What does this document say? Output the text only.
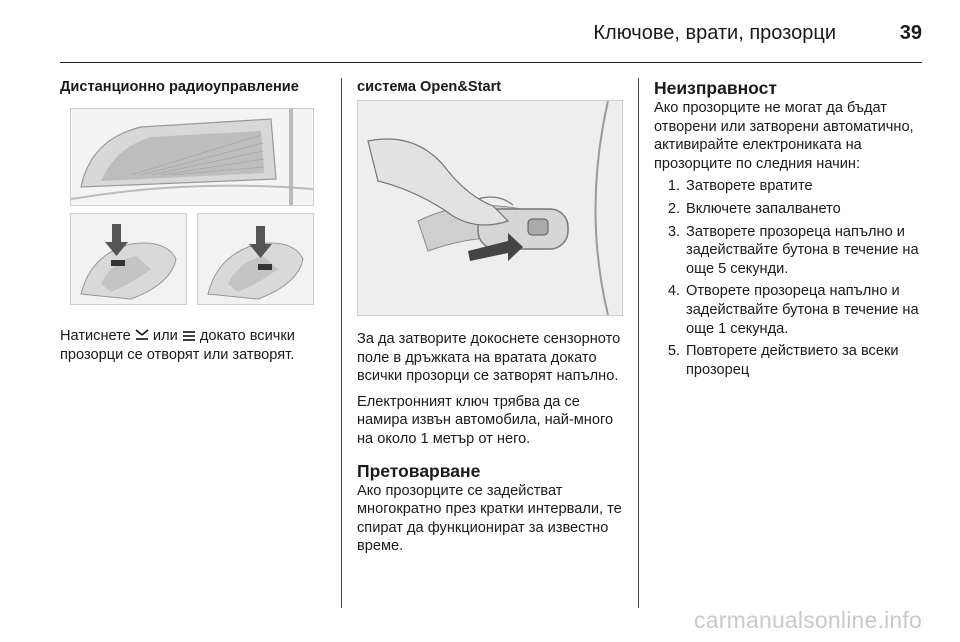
Ключове, врати, прозорци	39
Дистанционно радиоуправление

Натиснете или докато всички прозорци се отворят или затворят.

система Open&Start

За да затворите докоснете сензорното поле в дръжката на вратата докато всички прозорци се затворят напълно.

Електронният ключ трябва да се намира извън автомобила, най-много на около 1 метър от него.

Претоварване

Ако прозорците се задействат многократно през кратки интервали, те спират да функционират за известно време.

Неизправност

Ако прозорците не могат да бъдат отворени или затворени автоматично, активирайте електрониката на прозорците по следния начин:

1. Затворете вратите
2. Включете запалването
3. Затворете прозореца напълно и задействайте бутона в течение на още 5 секунди.
4. Отворете прозореца напълно и задействайте бутона в течение на още 1 секунда.
5. Повторете действието за всеки прозорец
carmanualsonline.info
